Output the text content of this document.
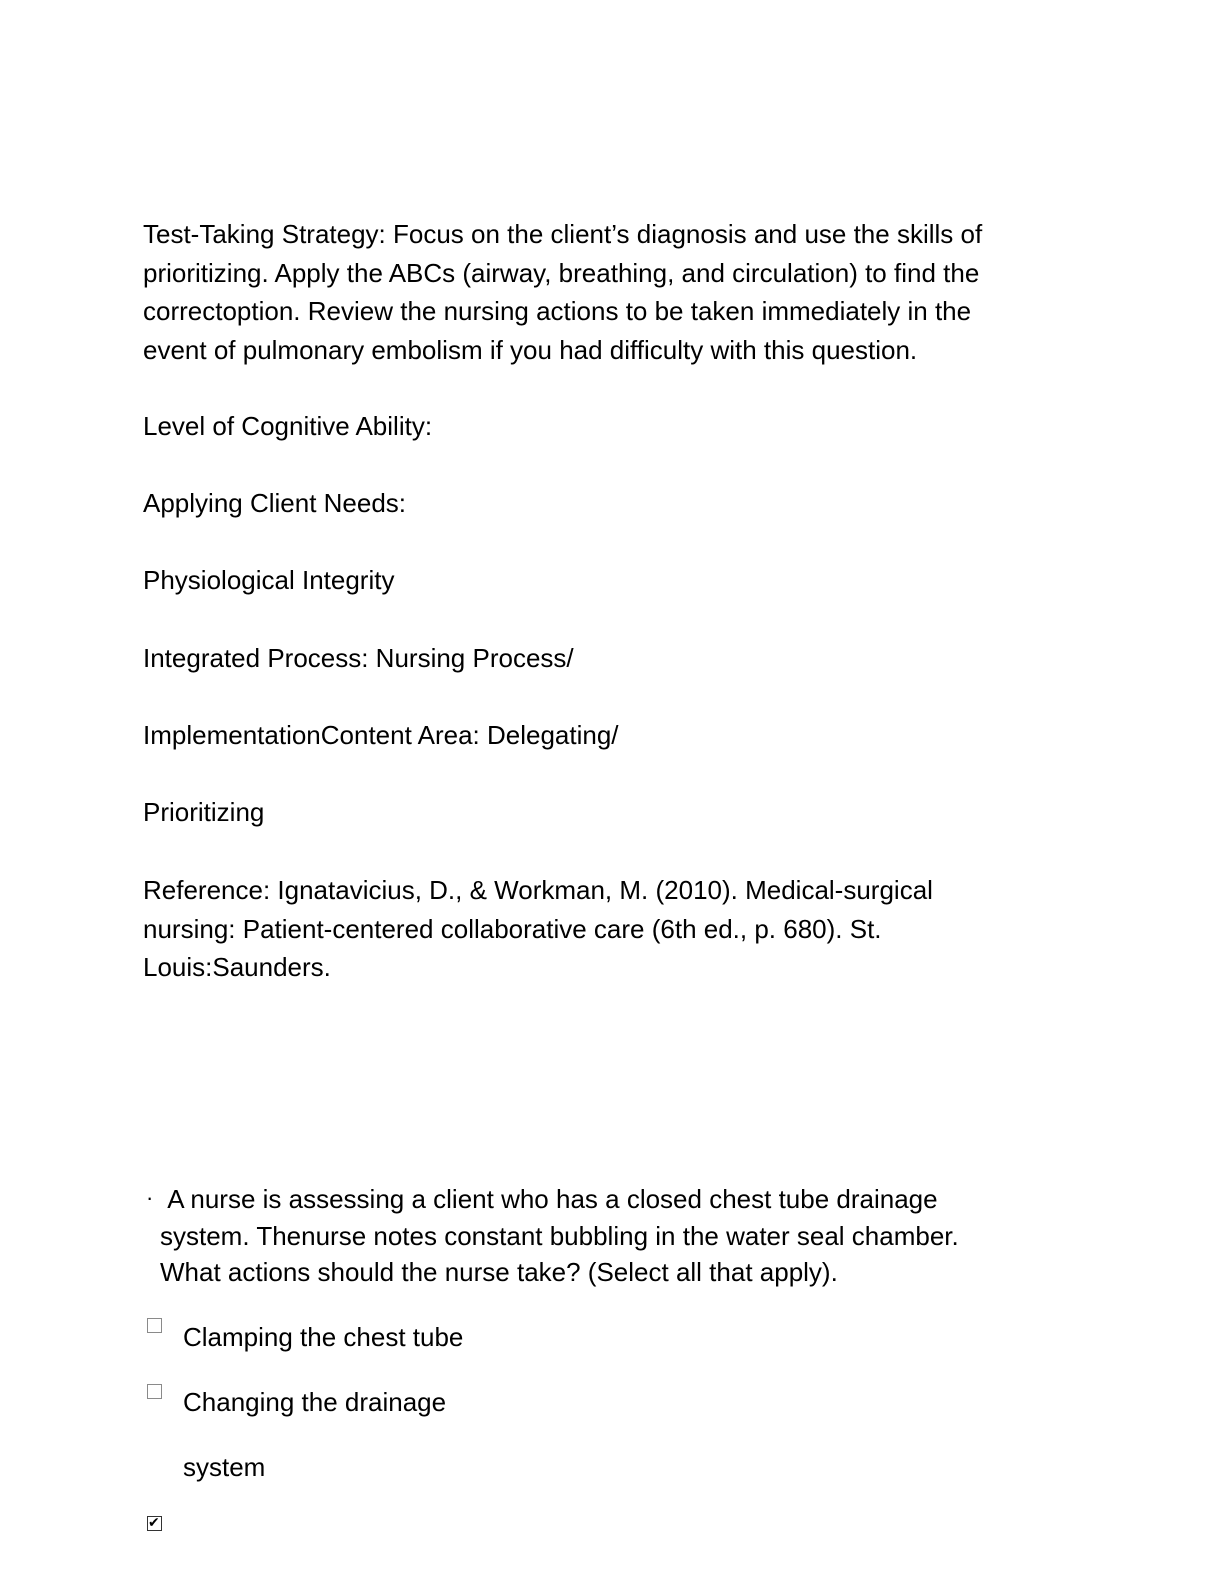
Test-Taking Strategy: Focus on the client’s diagnosis and use the skills of
prioritizing. Apply the ABCs (airway, breathing, and circulation) to find the
correctoption. Review the nursing actions to be taken immediately in the
event of pulmonary embolism if you had difficulty with this question.
Level of Cognitive Ability:
Applying Client Needs:
Physiological Integrity
Integrated Process: Nursing Process/
ImplementationContent Area: Delegating/
Prioritizing
Reference: Ignatavicius, D., & Workman, M. (2010). Medical-surgical
nursing: Patient-centered collaborative care (6th ed., p. 680). St.
Louis:Saunders.
· A nurse is assessing a client who has a closed chest tube drainage
system. Thenurse notes constant bubbling in the water seal chamber.
What actions should the nurse take? (Select all that apply).
Clamping the chest tube
Changing the drainage
system
✔
